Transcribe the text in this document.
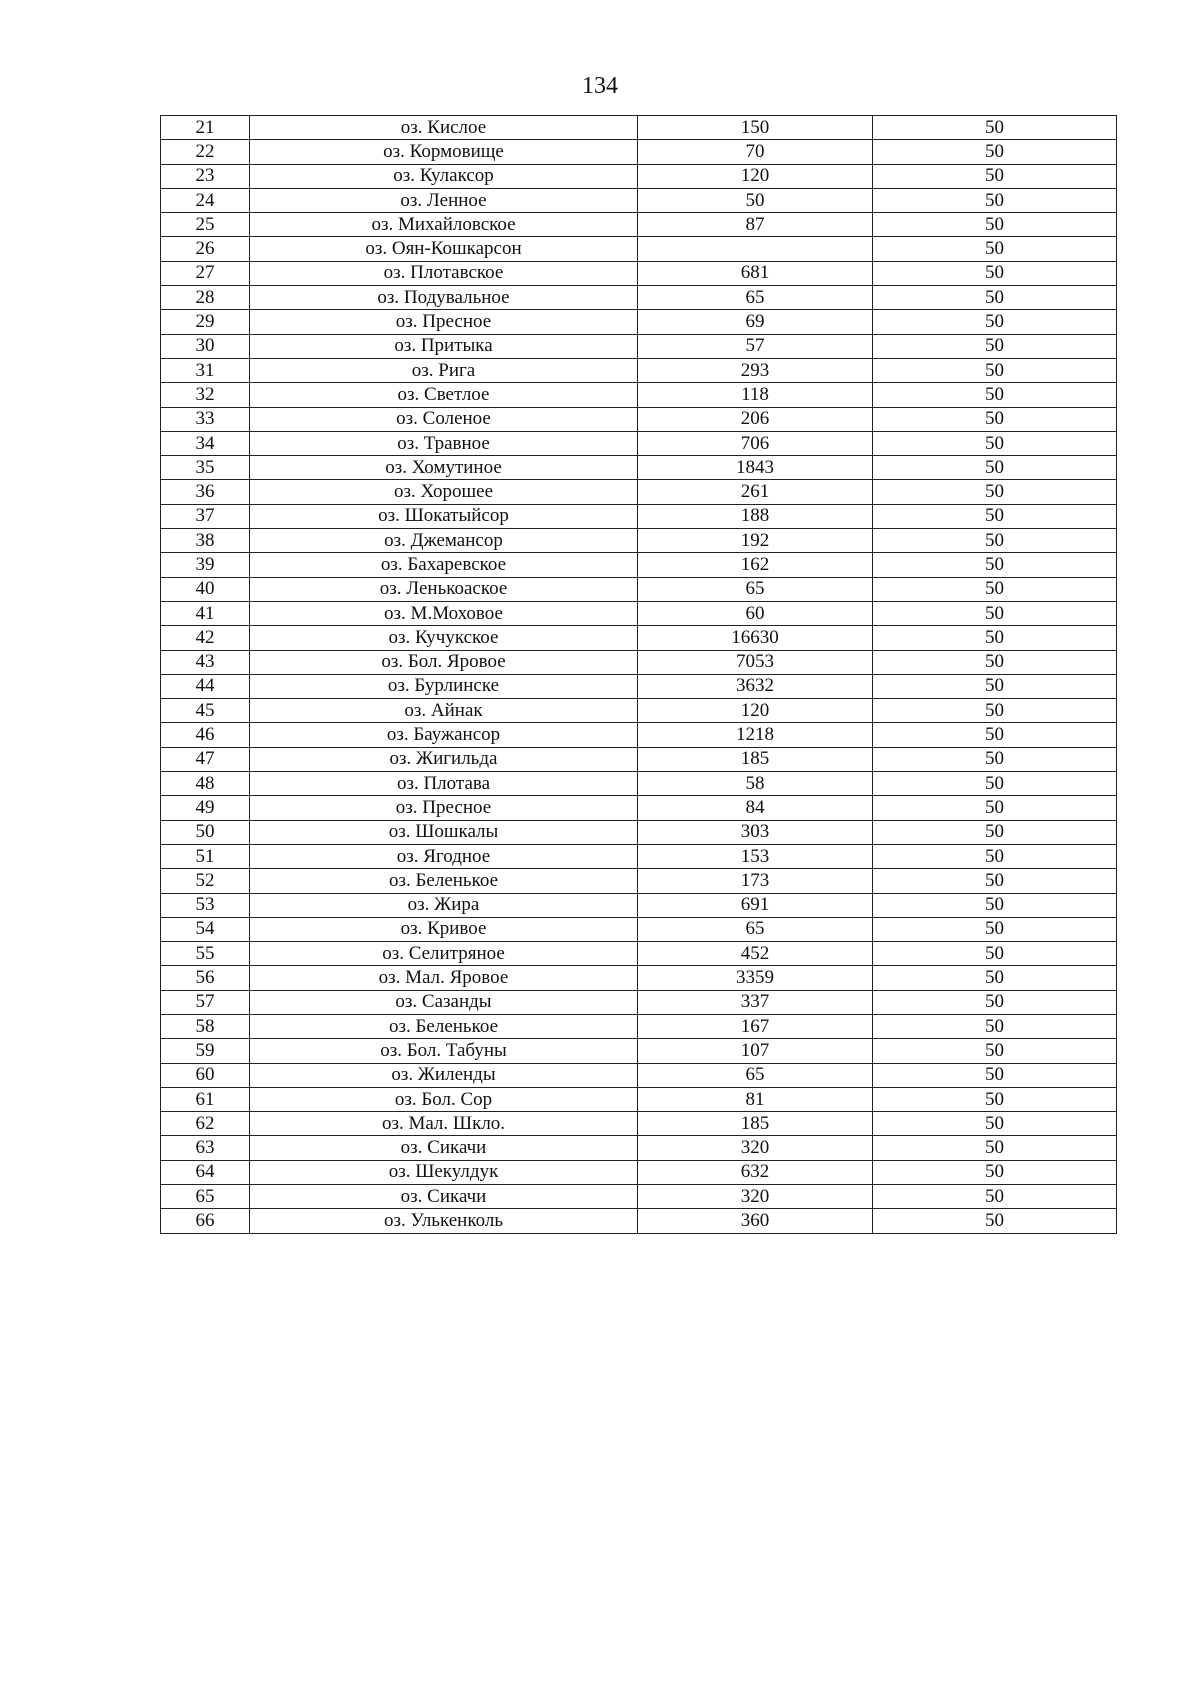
134
21	оз. Кислое	150	50
22	оз. Кормовище	70	50
23	оз. Кулаксор	120	50
24	оз. Ленное	50	50
25	оз. Михайловское	87	50
26	оз. Оян-Кошкарсон		50
27	оз. Плотавское	681	50
28	оз. Подувальное	65	50
29	оз. Пресное	69	50
30	оз. Притыка	57	50
31	оз. Рига	293	50
32	оз. Светлое	118	50
33	оз. Соленое	206	50
34	оз. Травное	706	50
35	оз. Хомутиное	1843	50
36	оз. Хорошее	261	50
37	оз. Шокатыйсор	188	50
38	оз. Джемансор	192	50
39	оз. Бахаревское	162	50
40	оз. Ленькоаское	65	50
41	оз. М.Моховое	60	50
42	оз. Кучукское	16630	50
43	оз. Бол. Яровое	7053	50
44	оз. Бурлинске	3632	50
45	оз. Айнак	120	50
46	оз. Баужансор	1218	50
47	оз. Жигильда	185	50
48	оз. Плотава	58	50
49	оз. Пресное	84	50
50	оз. Шошкалы	303	50
51	оз. Ягодное	153	50
52	оз. Беленькое	173	50
53	оз. Жира	691	50
54	оз. Кривое	65	50
55	оз. Селитряное	452	50
56	оз. Мал. Яровое	3359	50
57	оз. Сазанды	337	50
58	оз. Беленькое	167	50
59	оз. Бол. Табуны	107	50
60	оз. Жиленды	65	50
61	оз. Бол. Сор	81	50
62	оз. Мал. Шкло.	185	50
63	оз. Сикачи	320	50
64	оз. Шекулдук	632	50
65	оз. Сикачи	320	50
66	оз. Улькенколь	360	50
